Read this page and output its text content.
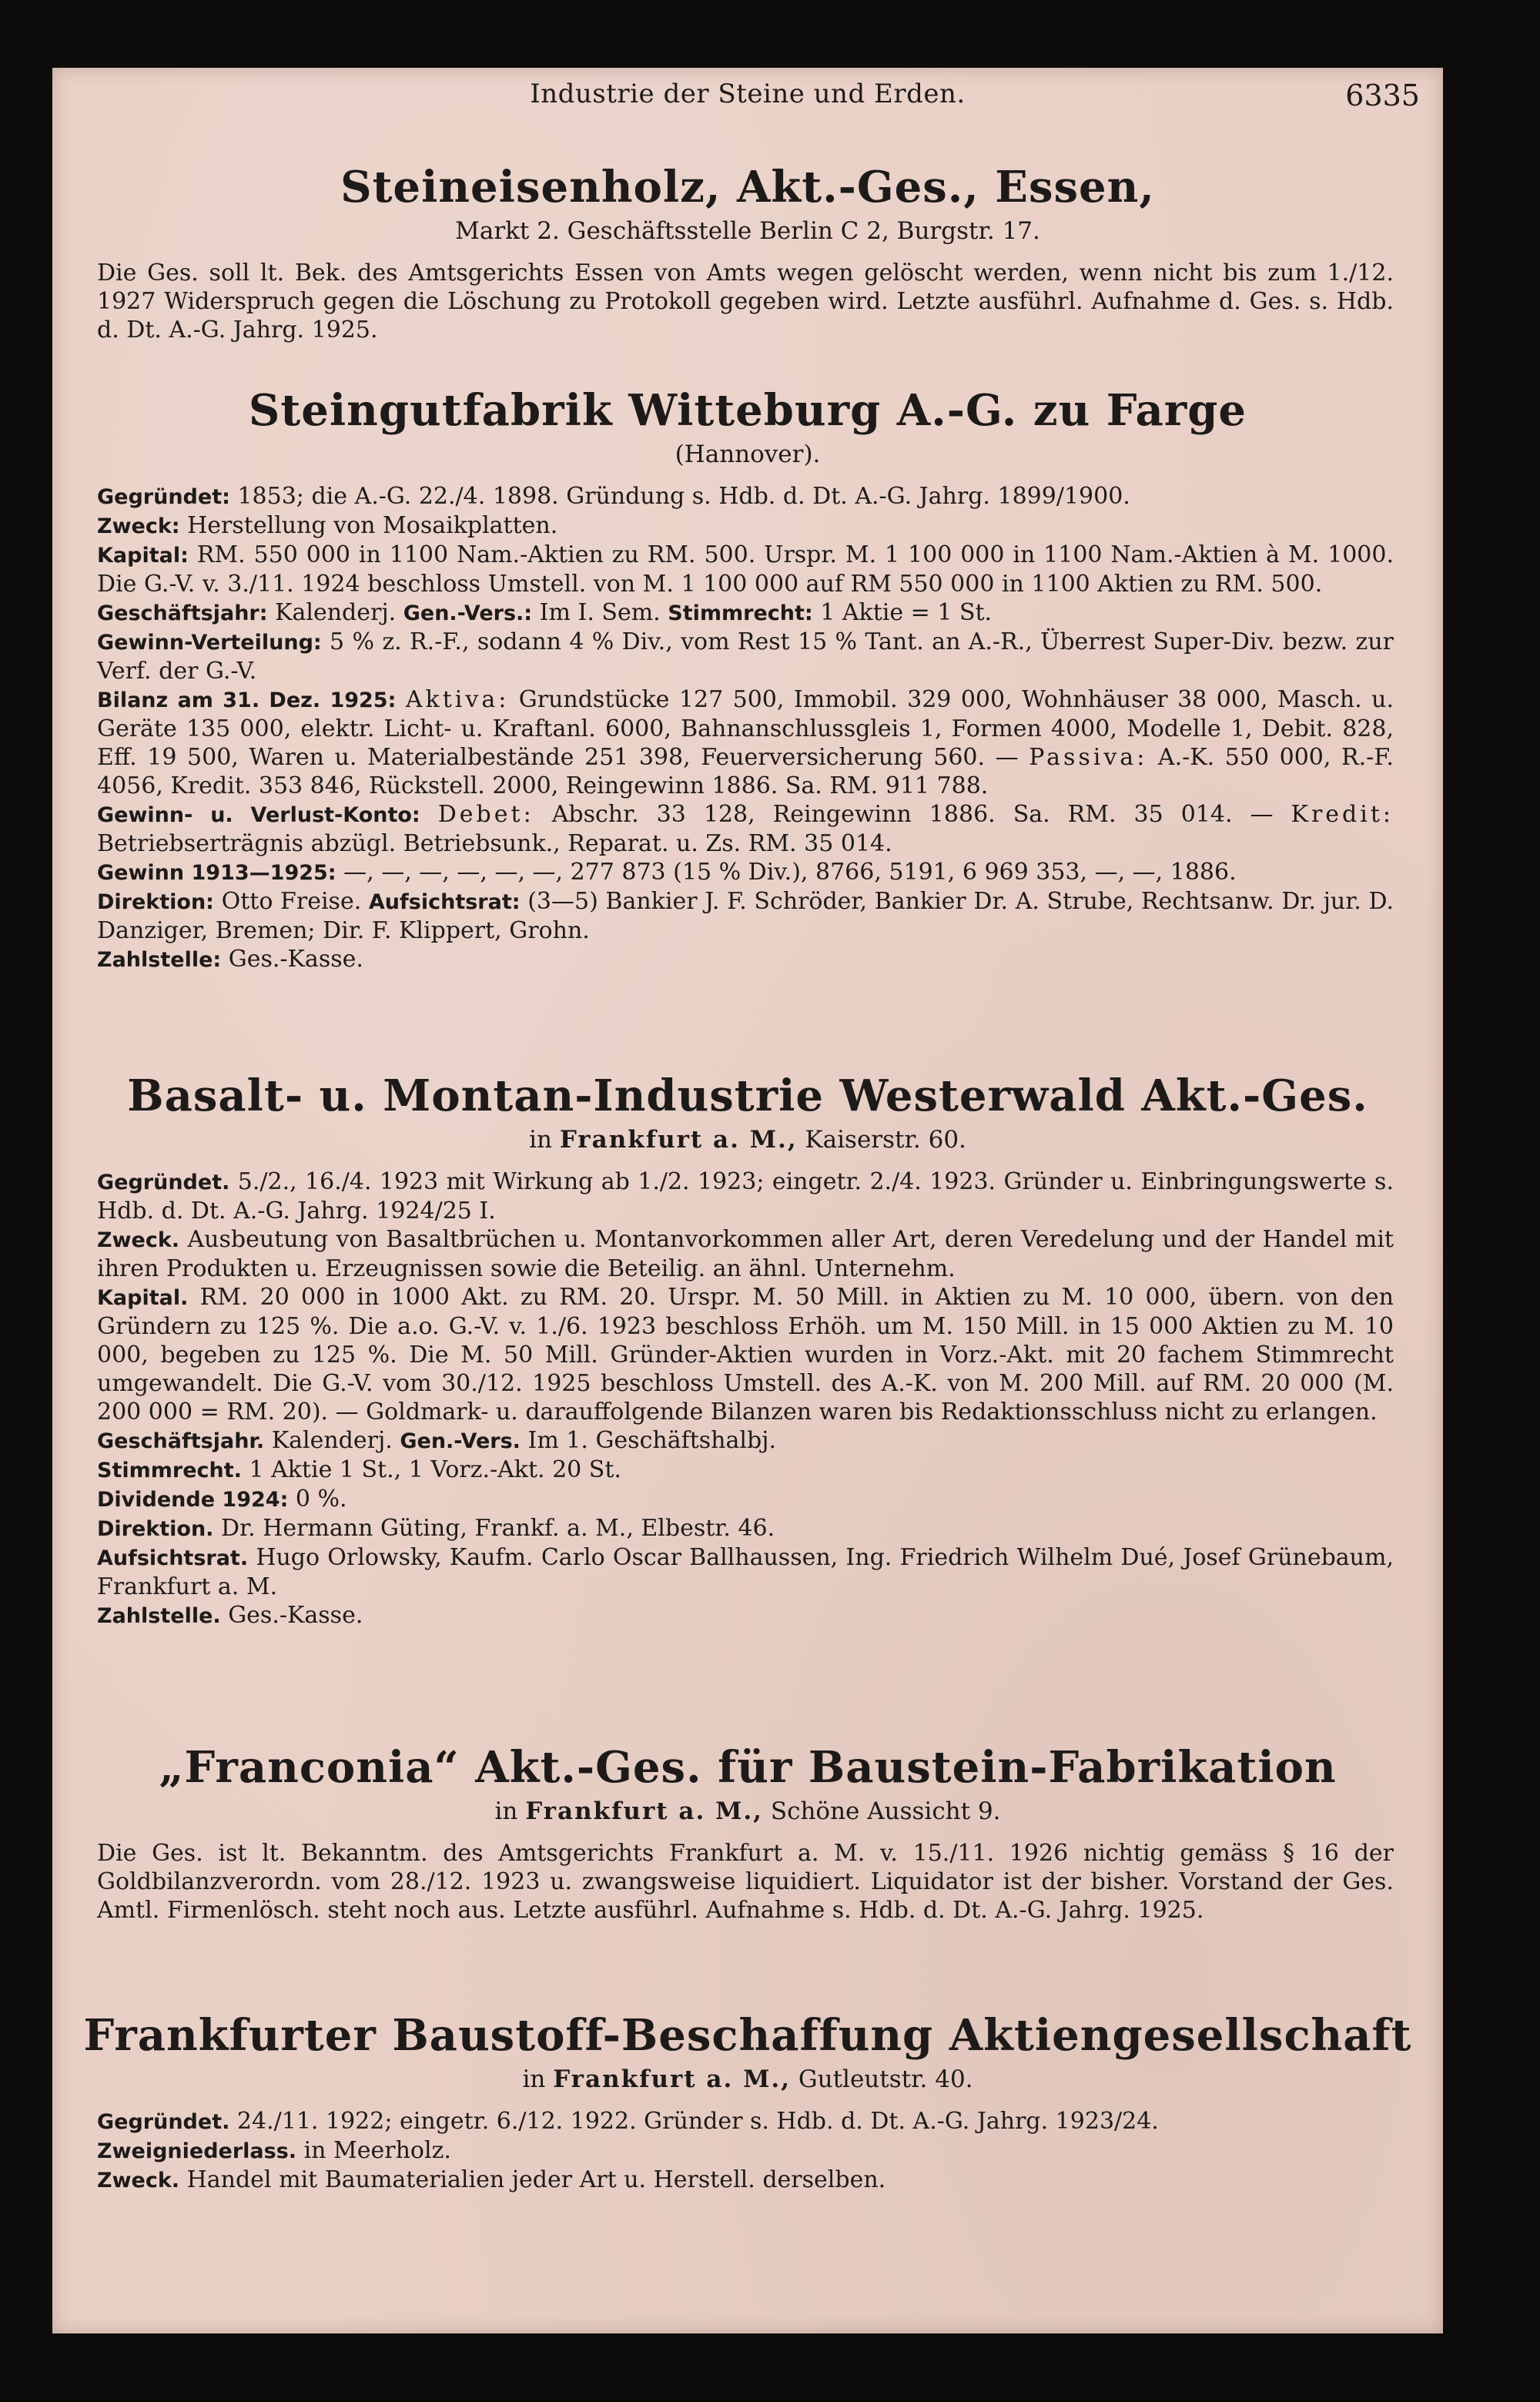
Industrie der Steine und Erden.	6335
Steineisenholz, Akt.-Ges., Essen,
Markt 2. Geschäftsstelle Berlin C 2, Burgstr. 17.

Die Ges. soll lt. Bek. des Amtsgerichts Essen von Amts wegen gelöscht werden, wenn nicht bis zum 1./12. 1927 Widerspruch gegen die Löschung zu Protokoll gegeben wird. Letzte ausführl. Aufnahme d. Ges. s. Hdb. d. Dt. A.-G. Jahrg. 1925.

Steingutfabrik Witteburg A.-G. zu Farge
(Hannover).

Gegründet: 1853; die A.-G. 22./4. 1898. Gründung s. Hdb. d. Dt. A.-G. Jahrg. 1899/1900.

Zweck: Herstellung von Mosaikplatten.

Kapital: RM. 550 000 in 1100 Nam.-Aktien zu RM. 500. Urspr. M. 1 100 000 in 1100 Nam.-Aktien à M. 1000. Die G.-V. v. 3./11. 1924 beschloss Umstell. von M. 1 100 000 auf RM 550 000 in 1100 Aktien zu RM. 500.

Geschäftsjahr: Kalenderj. Gen.-Vers.: Im I. Sem. Stimmrecht: 1 Aktie = 1 St.

Gewinn-Verteilung: 5 % z. R.-F., sodann 4 % Div., vom Rest 15 % Tant. an A.-R., Überrest Super-Div. bezw. zur Verf. der G.-V.

Bilanz am 31. Dez. 1925: Aktiva: Grundstücke 127 500, Immobil. 329 000, Wohnhäuser 38 000, Masch. u. Geräte 135 000, elektr. Licht- u. Kraftanl. 6000, Bahnanschlussgleis 1, Formen 4000, Modelle 1, Debit. 828, Eff. 19 500, Waren u. Materialbestände 251 398, Feuerversicherung 560. — Passiva: A.-K. 550 000, R.-F. 4056, Kredit. 353 846, Rückstell. 2000, Reingewinn 1886. Sa. RM. 911 788.

Gewinn- u. Verlust-Konto: Debet: Abschr. 33 128, Reingewinn 1886. Sa. RM. 35 014. — Kredit: Betriebserträgnis abzügl. Betriebsunk., Reparat. u. Zs. RM. 35 014.

Gewinn 1913—1925: —, —, —, —, —, —, 277 873 (15 % Div.), 8766, 5191, 6 969 353, —, —, 1886.

Direktion: Otto Freise. Aufsichtsrat: (3—5) Bankier J. F. Schröder, Bankier Dr. A. Strube, Rechtsanw. Dr. jur. D. Danziger, Bremen; Dir. F. Klippert, Grohn.

Zahlstelle: Ges.-Kasse.

Basalt- u. Montan-Industrie Westerwald Akt.-Ges.
in Frankfurt a. M., Kaiserstr. 60.

Gegründet. 5./2., 16./4. 1923 mit Wirkung ab 1./2. 1923; eingetr. 2./4. 1923. Gründer u. Einbringungswerte s. Hdb. d. Dt. A.-G. Jahrg. 1924/25 I.

Zweck. Ausbeutung von Basaltbrüchen u. Montanvorkommen aller Art, deren Veredelung und der Handel mit ihren Produkten u. Erzeugnissen sowie die Beteilig. an ähnl. Unternehm.

Kapital. RM. 20 000 in 1000 Akt. zu RM. 20. Urspr. M. 50 Mill. in Aktien zu M. 10 000, übern. von den Gründern zu 125 %. Die a.o. G.-V. v. 1./6. 1923 beschloss Erhöh. um M. 150 Mill. in 15 000 Aktien zu M. 10 000, begeben zu 125 %. Die M. 50 Mill. Gründer-Aktien wurden in Vorz.-Akt. mit 20 fachem Stimmrecht umgewandelt. Die G.-V. vom 30./12. 1925 beschloss Umstell. des A.-K. von M. 200 Mill. auf RM. 20 000 (M. 200 000 = RM. 20). — Goldmark- u. darauffolgende Bilanzen waren bis Redaktionsschluss nicht zu erlangen.

Geschäftsjahr. Kalenderj. Gen.-Vers. Im 1. Geschäftshalbj.

Stimmrecht. 1 Aktie 1 St., 1 Vorz.-Akt. 20 St.

Dividende 1924: 0 %.

Direktion. Dr. Hermann Güting, Frankf. a. M., Elbestr. 46.

Aufsichtsrat. Hugo Orlowsky, Kaufm. Carlo Oscar Ballhaussen, Ing. Friedrich Wilhelm Dué, Josef Grünebaum, Frankfurt a. M.

Zahlstelle. Ges.-Kasse.

„Franconia“ Akt.-Ges. für Baustein-Fabrikation
in Frankfurt a. M., Schöne Aussicht 9.

Die Ges. ist lt. Bekanntm. des Amtsgerichts Frankfurt a. M. v. 15./11. 1926 nichtig gemäss § 16 der Goldbilanzverordn. vom 28./12. 1923 u. zwangsweise liquidiert. Liquidator ist der bisher. Vorstand der Ges. Amtl. Firmenlösch. steht noch aus. Letzte ausführl. Aufnahme s. Hdb. d. Dt. A.-G. Jahrg. 1925.

Frankfurter Baustoff-Beschaffung Aktiengesellschaft
in Frankfurt a. M., Gutleutstr. 40.

Gegründet. 24./11. 1922; eingetr. 6./12. 1922. Gründer s. Hdb. d. Dt. A.-G. Jahrg. 1923/24.

Zweigniederlass. in Meerholz.

Zweck. Handel mit Baumaterialien jeder Art u. Herstell. derselben.
